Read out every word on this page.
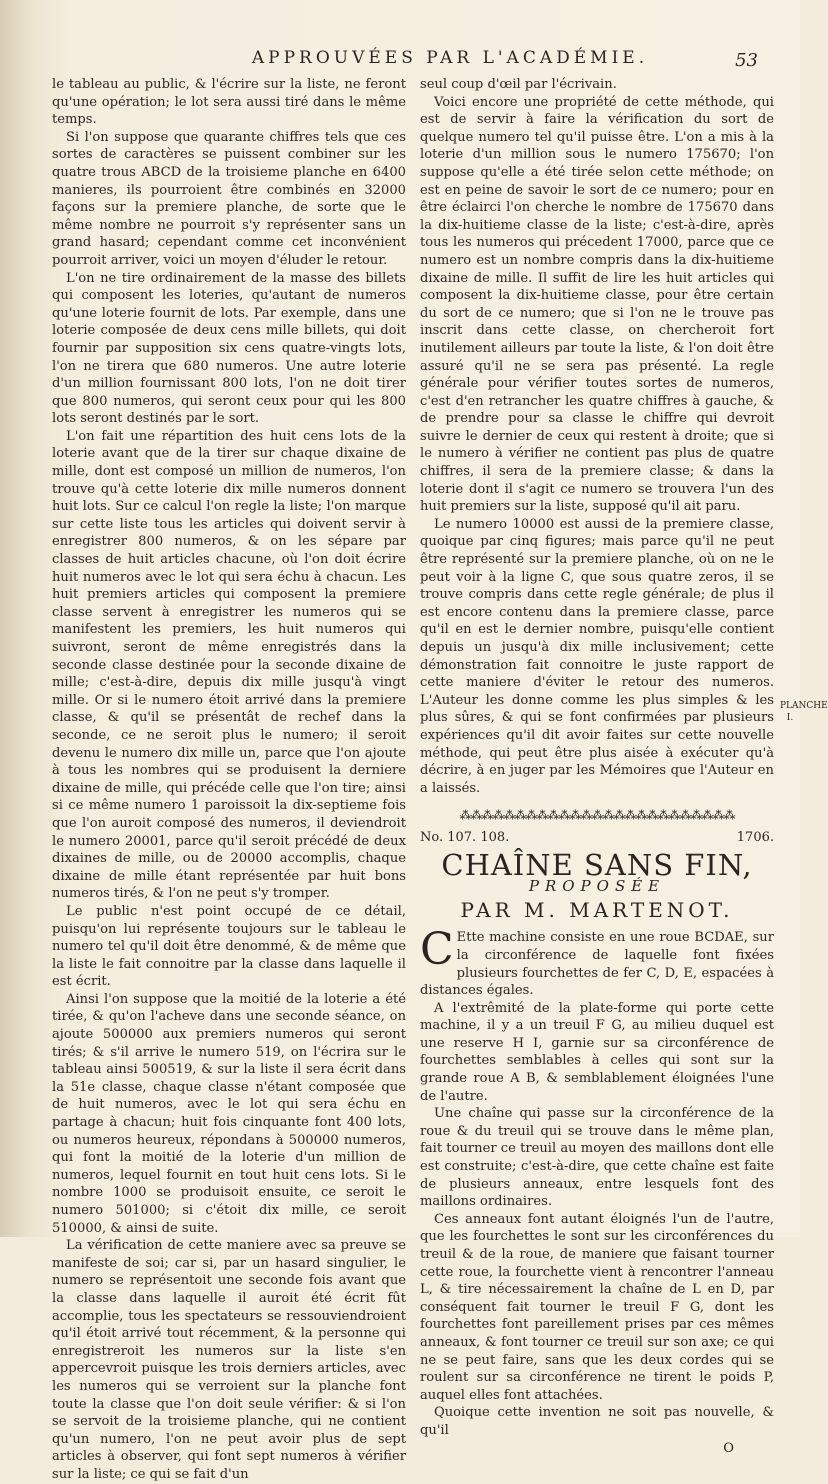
APPROUVÉES PAR L'ACADÉMIE.	53

le tableau au public, & l'écrire sur la liste, ne feront qu'une opération; le lot sera aussi tiré dans le même temps.

Si l'on suppose que quarante chiffres tels que ces sortes de caractères se puissent combiner sur les quatre trous ABCD de la troisieme planche en 6400 manieres, ils pourroient être combinés en 32000 façons sur la premiere planche, de sorte que le même nombre ne pourroit s'y représenter sans un grand hasard; cependant comme cet inconvénient pourroit arriver, voici un moyen d'éluder le retour.

L'on ne tire ordinairement de la masse des billets qui composent les loteries, qu'autant de numeros qu'une loterie fournit de lots. Par exemple, dans une loterie composée de deux cens mille billets, qui doit fournir par supposition six cens quatre-vingts lots, l'on ne tirera que 680 numeros. Une autre loterie d'un million fournissant 800 lots, l'on ne doit tirer que 800 numeros, qui seront ceux pour qui les 800 lots seront destinés par le sort.

L'on fait une répartition des huit cens lots de la loterie avant que de la tirer sur chaque dixaine de mille, dont est composé un million de numeros, l'on trouve qu'à cette loterie dix mille numeros donnent huit lots. Sur ce calcul l'on regle la liste; l'on marque sur cette liste tous les articles qui doivent servir à enregistrer 800 numeros, & on les sépare par classes de huit articles chacune, où l'on doit écrire huit numeros avec le lot qui sera échu à chacun. Les huit premiers articles qui composent la premiere classe servent à enregistrer les numeros qui se manifestent les premiers, les huit numeros qui suivront, seront de même enregistrés dans la seconde classe destinée pour la seconde dixaine de mille; c'est-à-dire, depuis dix mille jusqu'à vingt mille. Or si le numero étoit arrivé dans la premiere classe, & qu'il se présentât de rechef dans la seconde, ce ne seroit plus le numero; il seroit devenu le numero dix mille un, parce que l'on ajoute à tous les nombres qui se produisent la derniere dixaine de mille, qui précéde celle que l'on tire; ainsi si ce même numero 1 paroissoit la dix-septieme fois que l'on auroit composé des numeros, il deviendroit le numero 20001, parce qu'il seroit précédé de deux dixaines de mille, ou de 20000 accomplis, chaque dixaine de mille étant représentée par huit bons numeros tirés, & l'on ne peut s'y tromper.

Le public n'est point occupé de ce détail, puisqu'on lui représente toujours sur le tableau le numero tel qu'il doit être denommé, & de même que la liste le fait connoitre par la classe dans laquelle il est écrit.

Ainsi l'on suppose que la moitié de la loterie a été tirée, & qu'on l'acheve dans une seconde séance, on ajoute 500000 aux premiers numeros qui seront tirés; & s'il arrive le numero 519, on l'écrira sur le tableau ainsi 500519, & sur la liste il sera écrit dans la 51e classe, chaque classe n'étant composée que de huit numeros, avec le lot qui sera échu en partage à chacun; huit fois cinquante font 400 lots, ou numeros heureux, répondans à 500000 numeros, qui font la moitié de la loterie d'un million de numeros, lequel fournit en tout huit cens lots. Si le nombre 1000 se produisoit ensuite, ce seroit le numero 501000; si c'étoit dix mille, ce seroit 510000, & ainsi de suite.

La vérification de cette maniere avec sa preuve se manifeste de soi; car si, par un hasard singulier, le numero se représentoit une seconde fois avant que la classe dans laquelle il auroit été écrit fût accomplie, tous les spectateurs se ressouviendroient qu'il étoit arrivé tout récemment, & la personne qui enregistreroit les numeros sur la liste s'en appercevroit puisque les trois derniers articles, avec les numeros qui se verroient sur la planche font toute la classe que l'on doit seule vérifier: & si l'on se servoit de la troisieme planche, qui ne contient qu'un numero, l'on ne peut avoir plus de sept articles à observer, qui font sept numeros à vérifier sur la liste; ce qui se fait d'un

seul coup d'œil par l'écrivain.

Voici encore une propriété de cette méthode, qui est de servir à faire la vérification du sort de quelque numero tel qu'il puisse être. L'on a mis à la loterie d'un million sous le numero 175670; l'on suppose qu'elle a été tirée selon cette méthode; on est en peine de savoir le sort de ce numero; pour en être éclairci l'on cherche le nombre de 175670 dans la dix-huitieme classe de la liste; c'est-à-dire, après tous les numeros qui précedent 17000, parce que ce numero est un nombre compris dans la dix-huitieme dixaine de mille. Il suffit de lire les huit articles qui composent la dix-huitieme classe, pour être certain du sort de ce numero; que si l'on ne le trouve pas inscrit dans cette classe, on chercheroit fort inutilement ailleurs par toute la liste, & l'on doit être assuré qu'il ne se sera pas présenté. La regle générale pour vérifier toutes sortes de numeros, c'est d'en retrancher les quatre chiffres à gauche, & de prendre pour sa classe le chiffre qui devroit suivre le dernier de ceux qui restent à droite; que si le numero à vérifier ne contient pas plus de quatre chiffres, il sera de la premiere classe; & dans la loterie dont il s'agit ce numero se trouvera l'un des huit premiers sur la liste, supposé qu'il ait paru.

Le numero 10000 est aussi de la premiere classe, quoique par cinq figures; mais parce qu'il ne peut être représenté sur la premiere planche, où on ne le peut voir à la ligne C, que sous quatre zeros, il se trouve compris dans cette regle générale; de plus il est encore contenu dans la premiere classe, parce qu'il en est le dernier nombre, puisqu'elle contient depuis un jusqu'à dix mille inclusivement; cette démonstration fait connoitre le juste rapport de cette maniere d'éviter le retour des numeros. L'Auteur les donne comme les plus simples & les plus sûres, & qui se font confirmées par plusieurs expériences qu'il dit avoir faites sur cette nouvelle méthode, qui peut être plus aisée à exécuter qu'à décrire, à en juger par les Mémoires que l'Auteur en a laissés.

⁂⁂⁂⁂⁂⁂⁂⁂⁂⁂⁂⁂⁂⁂⁂⁂⁂⁂⁂⁂⁂⁂⁂⁂⁂
No. 107. 108.	1706.
CHAÎNE SANS FIN,
PROPOSÉE
PAR M. MARTENOT.

C Ette machine consiste en une roue BCDAE, sur la circonférence de laquelle font fixées plusieurs fourchettes de fer C, D, E, espacées à distances égales.

A l'extrêmité de la plate-forme qui porte cette machine, il y a un treuil F G, au milieu duquel est une reserve H I, garnie sur sa circonférence de fourchettes semblables à celles qui sont sur la grande roue A B, & semblablement éloignées l'une de l'autre.

Une chaîne qui passe sur la circonférence de la roue & du treuil qui se trouve dans le même plan, fait tourner ce treuil au moyen des maillons dont elle est construite; c'est-à-dire, que cette chaîne est faite de plusieurs anneaux, entre lesquels font des maillons ordinaires.

Ces anneaux font autant éloignés l'un de l'autre, que les fourchettes le sont sur les circonférences du treuil & de la roue, de maniere que faisant tourner cette roue, la fourchette vient à rencontrer l'anneau L, & tire nécessairement la chaîne de L en D, par conséquent fait tourner le treuil F G, dont les fourchettes font pareillement prises par ces mêmes anneaux, & font tourner ce treuil sur son axe; ce qui ne se peut faire, sans que les deux cordes qui se roulent sur sa circonférence ne tirent le poids P, auquel elles font attachées.

Quoique cette invention ne soit pas nouvelle, & qu'il

O
PLANCHE I.
